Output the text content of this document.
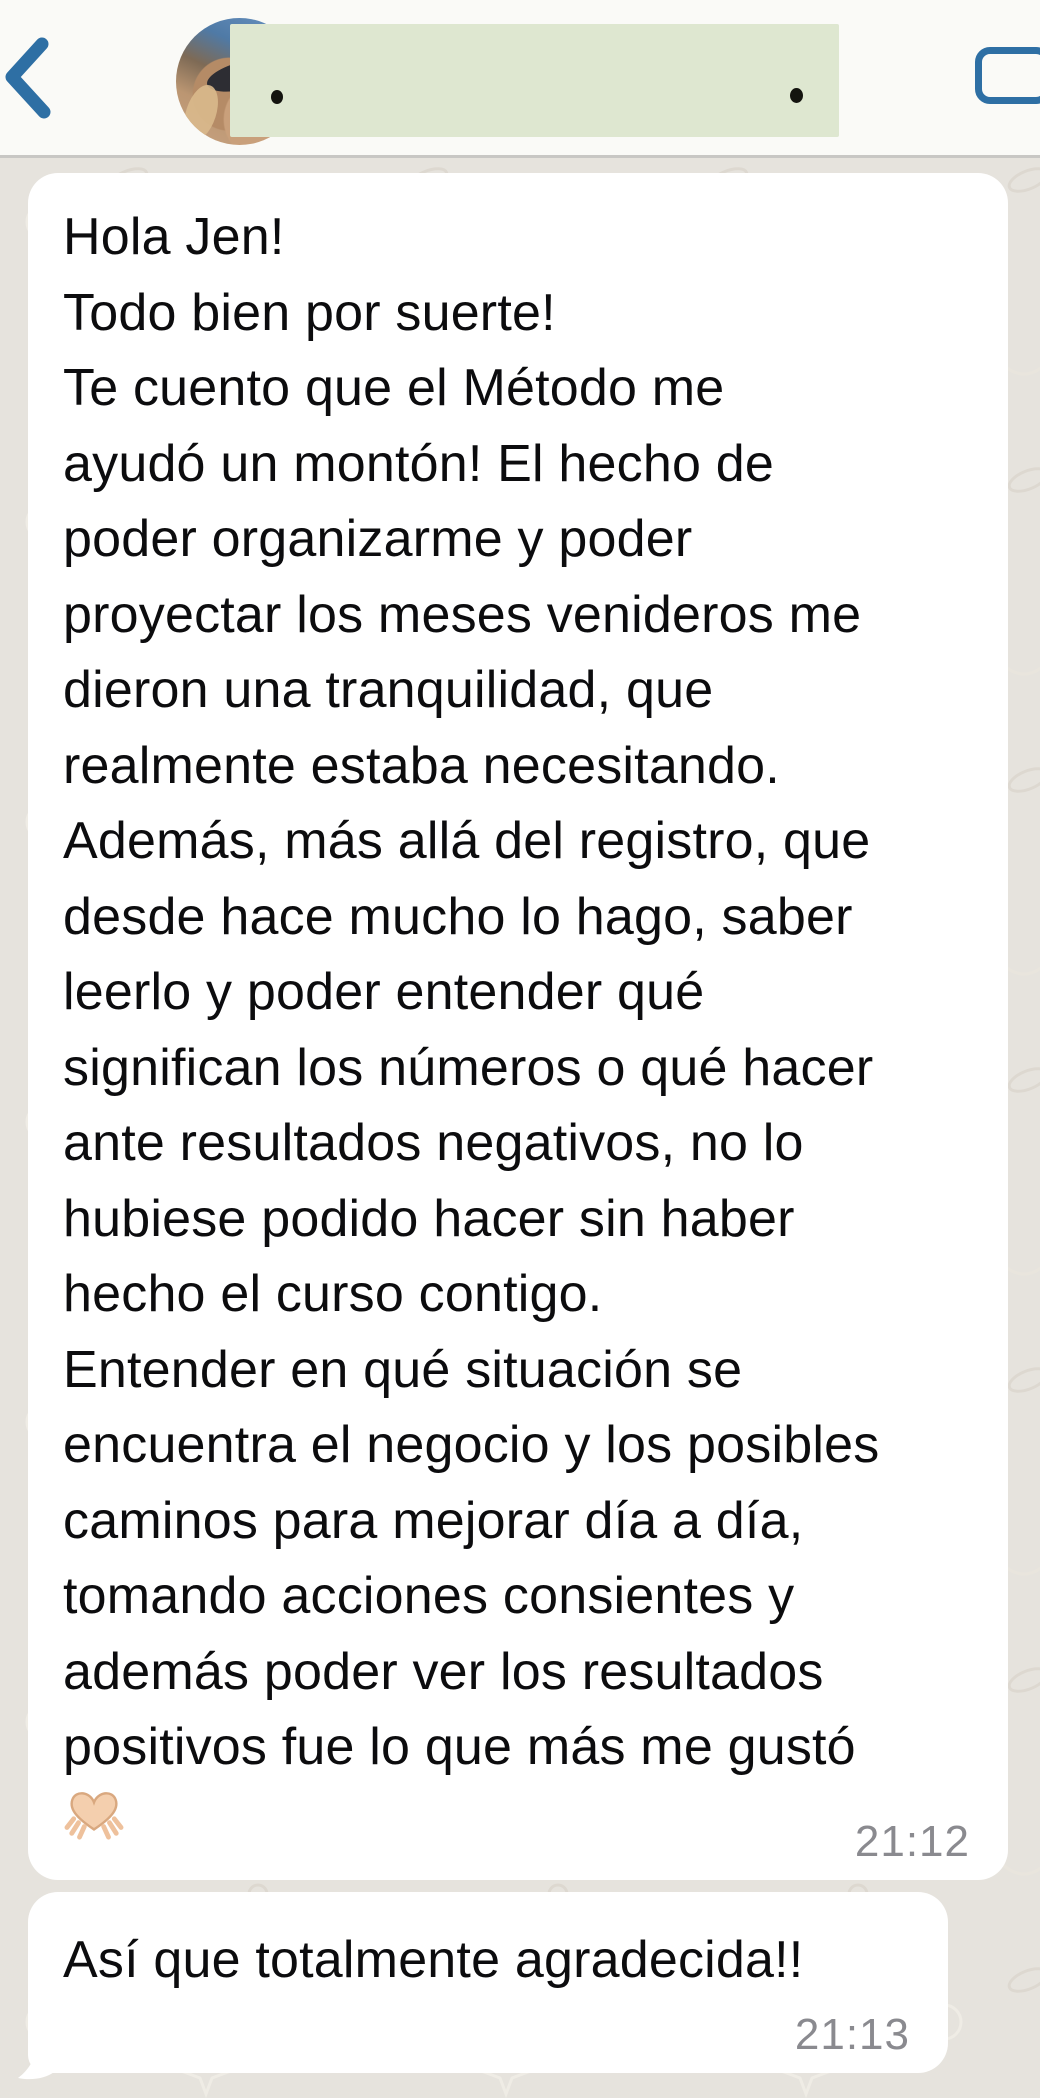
Hola Jen!
Todo bien por suerte!
Te cuento que el Método me
ayudó un montón! El hecho de
poder organizarme y poder
proyectar los meses venideros me
dieron una tranquilidad, que
realmente estaba necesitando.
Además, más allá del registro, que
desde hace mucho lo hago, saber
leerlo y poder entender qué
significan los números o qué hacer
ante resultados negativos, no lo
hubiese podido hacer sin haber
hecho el curso contigo.
Entender en qué situación se
encuentra el negocio y los posibles
caminos para mejorar día a día,
tomando acciones consientes y
además poder ver los resultados
positivos fue lo que más me gustó
21:12
Así que totalmente agradecida!!
21:13
